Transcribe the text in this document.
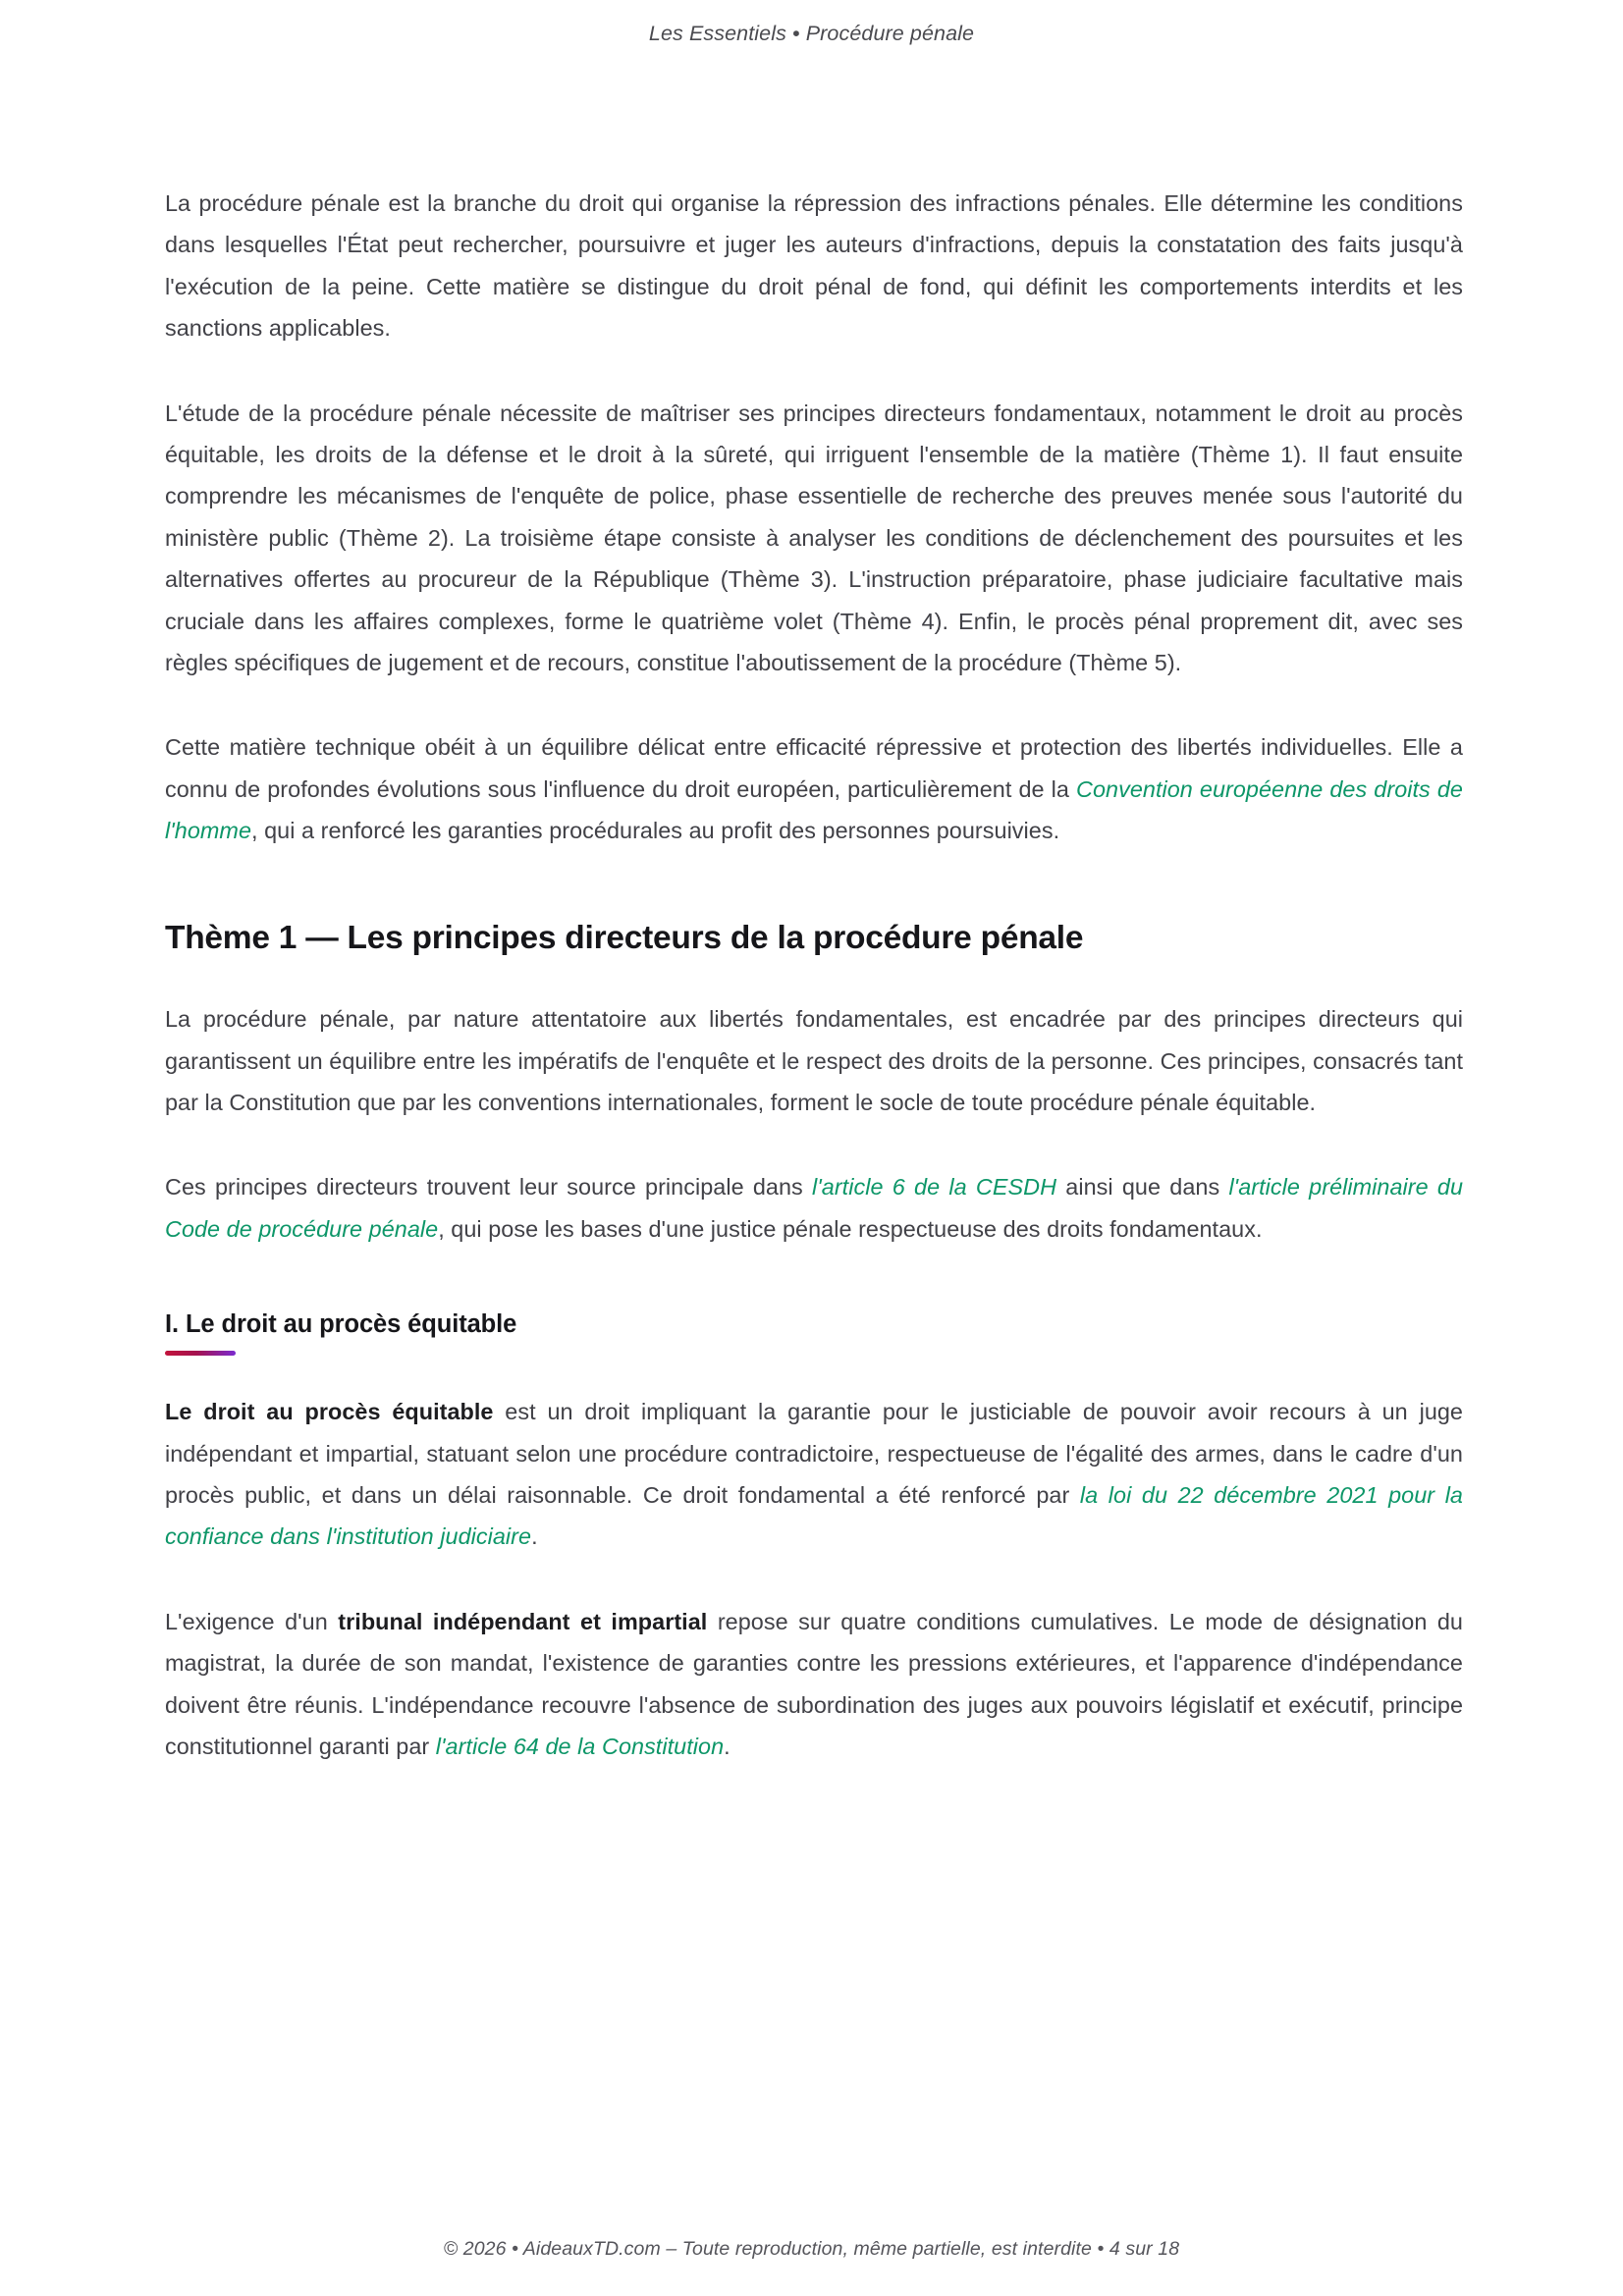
Les Essentiels • Procédure pénale

La procédure pénale est la branche du droit qui organise la répression des infractions pénales. Elle détermine les conditions dans lesquelles l'État peut rechercher, poursuivre et juger les auteurs d'infractions, depuis la constatation des faits jusqu'à l'exécution de la peine. Cette matière se distingue du droit pénal de fond, qui définit les comportements interdits et les sanctions applicables.

L'étude de la procédure pénale nécessite de maîtriser ses principes directeurs fondamentaux, notamment le droit au procès équitable, les droits de la défense et le droit à la sûreté, qui irriguent l'ensemble de la matière (Thème 1). Il faut ensuite comprendre les mécanismes de l'enquête de police, phase essentielle de recherche des preuves menée sous l'autorité du ministère public (Thème 2). La troisième étape consiste à analyser les conditions de déclenchement des poursuites et les alternatives offertes au procureur de la République (Thème 3). L'instruction préparatoire, phase judiciaire facultative mais cruciale dans les affaires complexes, forme le quatrième volet (Thème 4). Enfin, le procès pénal proprement dit, avec ses règles spécifiques de jugement et de recours, constitue l'aboutissement de la procédure (Thème 5).

Cette matière technique obéit à un équilibre délicat entre efficacité répressive et protection des libertés individuelles. Elle a connu de profondes évolutions sous l'influence du droit européen, particulièrement de la Convention européenne des droits de l'homme, qui a renforcé les garanties procédurales au profit des personnes poursuivies.

Thème 1 — Les principes directeurs de la procédure pénale

La procédure pénale, par nature attentatoire aux libertés fondamentales, est encadrée par des principes directeurs qui garantissent un équilibre entre les impératifs de l'enquête et le respect des droits de la personne. Ces principes, consacrés tant par la Constitution que par les conventions internationales, forment le socle de toute procédure pénale équitable.

Ces principes directeurs trouvent leur source principale dans l'article 6 de la CESDH ainsi que dans l'article préliminaire du Code de procédure pénale, qui pose les bases d'une justice pénale respectueuse des droits fondamentaux.

I. Le droit au procès équitable

Le droit au procès équitable est un droit impliquant la garantie pour le justiciable de pouvoir avoir recours à un juge indépendant et impartial, statuant selon une procédure contradictoire, respectueuse de l'égalité des armes, dans le cadre d'un procès public, et dans un délai raisonnable. Ce droit fondamental a été renforcé par la loi du 22 décembre 2021 pour la confiance dans l'institution judiciaire.

L'exigence d'un tribunal indépendant et impartial repose sur quatre conditions cumulatives. Le mode de désignation du magistrat, la durée de son mandat, l'existence de garanties contre les pressions extérieures, et l'apparence d'indépendance doivent être réunis. L'indépendance recouvre l'absence de subordination des juges aux pouvoirs législatif et exécutif, principe constitutionnel garanti par l'article 64 de la Constitution.

© 2026 • AideauxTD.com – Toute reproduction, même partielle, est interdite • 4 sur 18
